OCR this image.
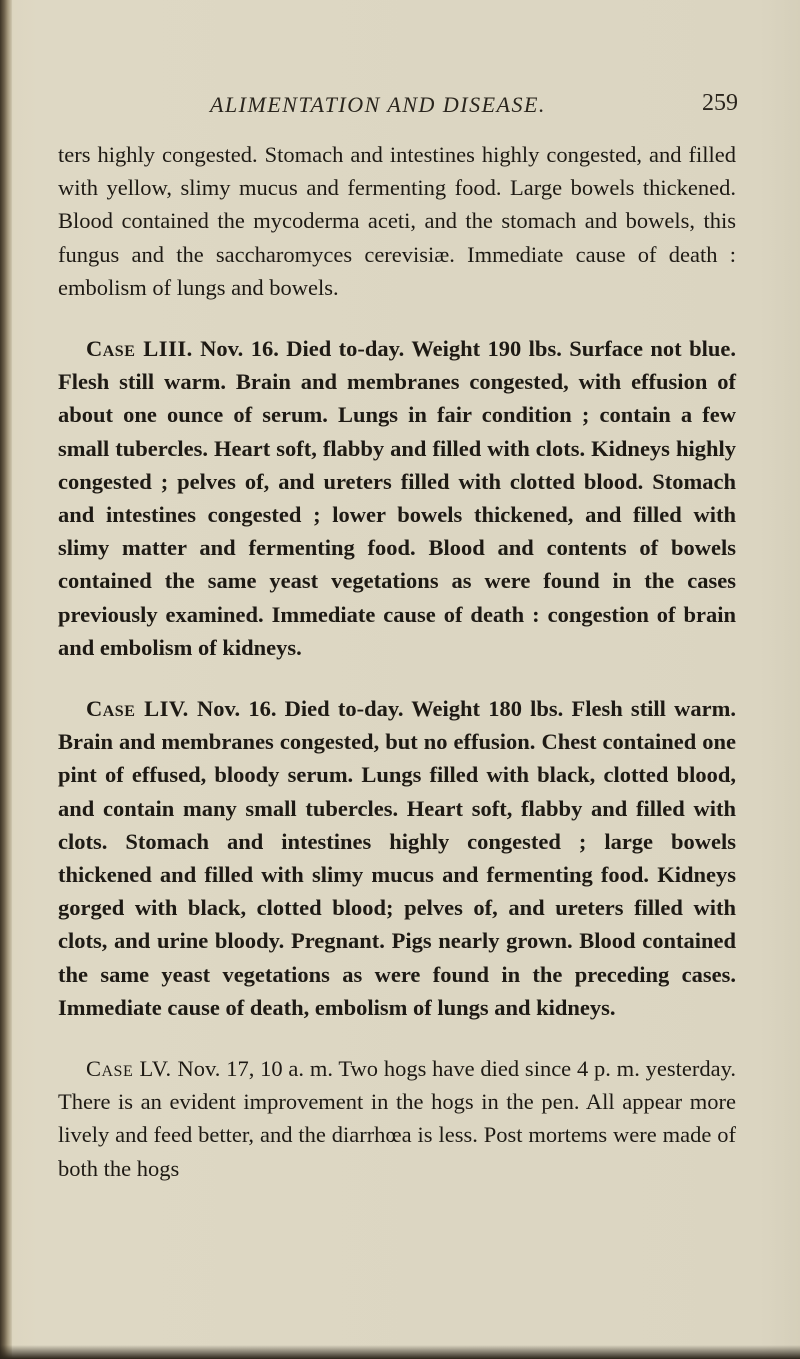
ALIMENTATION AND DISEASE.	259

ters highly congested. Stomach and intestines highly congested, and filled with yellow, slimy mucus and fermenting food. Large bowels thickened. Blood contained the mycoderma aceti, and the stomach and bowels, this fungus and the saccharomyces cerevisiæ. Immediate cause of death : embolism of lungs and bowels.

Case LIII. Nov. 16. Died to-day. Weight 190 lbs. Surface not blue. Flesh still warm. Brain and membranes congested, with effusion of about one ounce of serum. Lungs in fair condition ; contain a few small tubercles. Heart soft, flabby and filled with clots. Kidneys highly congested ; pelves of, and ureters filled with clotted blood. Stomach and intestines congested ; lower bowels thickened, and filled with slimy matter and fermenting food. Blood and contents of bowels contained the same yeast vegetations as were found in the cases previously examined. Immediate cause of death : congestion of brain and embolism of kidneys.

Case LIV. Nov. 16. Died to-day. Weight 180 lbs. Flesh still warm. Brain and membranes congested, but no effusion. Chest contained one pint of effused, bloody serum. Lungs filled with black, clotted blood, and contain many small tubercles. Heart soft, flabby and filled with clots. Stomach and intestines highly congested ; large bowels thickened and filled with slimy mucus and fermenting food. Kidneys gorged with black, clotted blood; pelves of, and ureters filled with clots, and urine bloody. Pregnant. Pigs nearly grown. Blood contained the same yeast vegetations as were found in the preceding cases. Immediate cause of death, embolism of lungs and kidneys.

Case LV. Nov. 17, 10 a. m. Two hogs have died since 4 p. m. yesterday. There is an evident improvement in the hogs in the pen. All appear more lively and feed better, and the diarrhœa is less. Post mortems were made of both the hogs
